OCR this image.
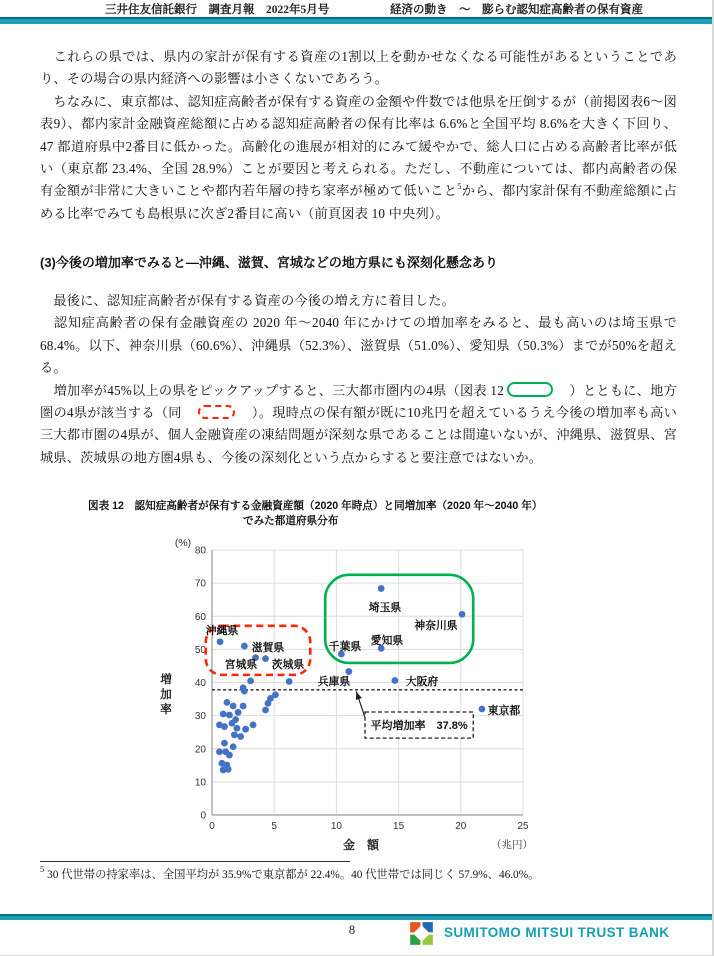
三井住友信託銀行　調査月報　2022年5月号	経済の動き　～　膨らむ認知症高齢者の保有資産

　これらの県では、県内の家計が保有する資産の1割以上を動かせなくなる可能性があるということであり、その場合の県内経済への影響は小さくないであろう。

　ちなみに、東京都は、認知症高齢者が保有する資産の金額や件数では他県を圧倒するが（前掲図表6～図表9）、都内家計金融資産総額に占める認知症高齢者の保有比率は 6.6%と全国平均 8.6%を大きく下回り、47 都道府県中2番目に低かった。高齢化の進展が相対的にみて緩やかで、総人口に占める高齢者比率が低い（東京都 23.4%、全国 28.9%）ことが要因と考えられる。ただし、不動産については、都内高齢者の保有金額が非常に大きいことや都内若年層の持ち家率が極めて低いこと$^5$から、都内家計保有不動産総額に占める比率でみても島根県に次ぎ2番目に高い（前頁図表 10 中央列）。

(3)今後の増加率でみると―沖縄、滋賀、宮城などの地方県にも深刻化懸念あり

　最後に、認知症高齢者が保有する資産の今後の増え方に着目した。

　認知症高齢者の保有金融資産の 2020 年～2040 年にかけての増加率をみると、最も高いのは埼玉県で 68.4%。以下、神奈川県（60.6%）、沖縄県（52.3%）、滋賀県（51.0%）、愛知県（50.3%）までが50%を超える。

　増加率が45%以上の県をピックアップすると、三大都市圏内の4県（図表 12	　）とともに、地方圏の4県が該当する（同　	　）。現時点の保有額が既に10兆円を超えているうえ今後の増加率も高い三大都市圏の4県が、個人金融資産の凍結問題が深刻な県であることは間違いないが、沖縄県、滋賀県、宮城県、茨城県の地方圏4県も、今後の深刻化という点からすると要注意ではないか。

図表 12　認知症高齢者が保有する金融資産額（2020 年時点）と同増加率（2020 年～2040 年）
でみた都道府県分布
0
10
20
30
40
50
60
70
80
0	5	10	15	20	25
(%)
増
加
率
金　額	（兆円）
埼玉県
神奈川県
沖縄県
滋賀県
愛知県
千葉県
宮城県 茨城県
兵庫県	大阪府
東京都
平均増加率　37.8%
$^5$ 30 代世帯の持家率は、全国平均が 35.9%で東京都が 22.4%。40 代世帯では同じく 57.9%、46.0%。
8	SUMITOMO MITSUI TRUST BANK
